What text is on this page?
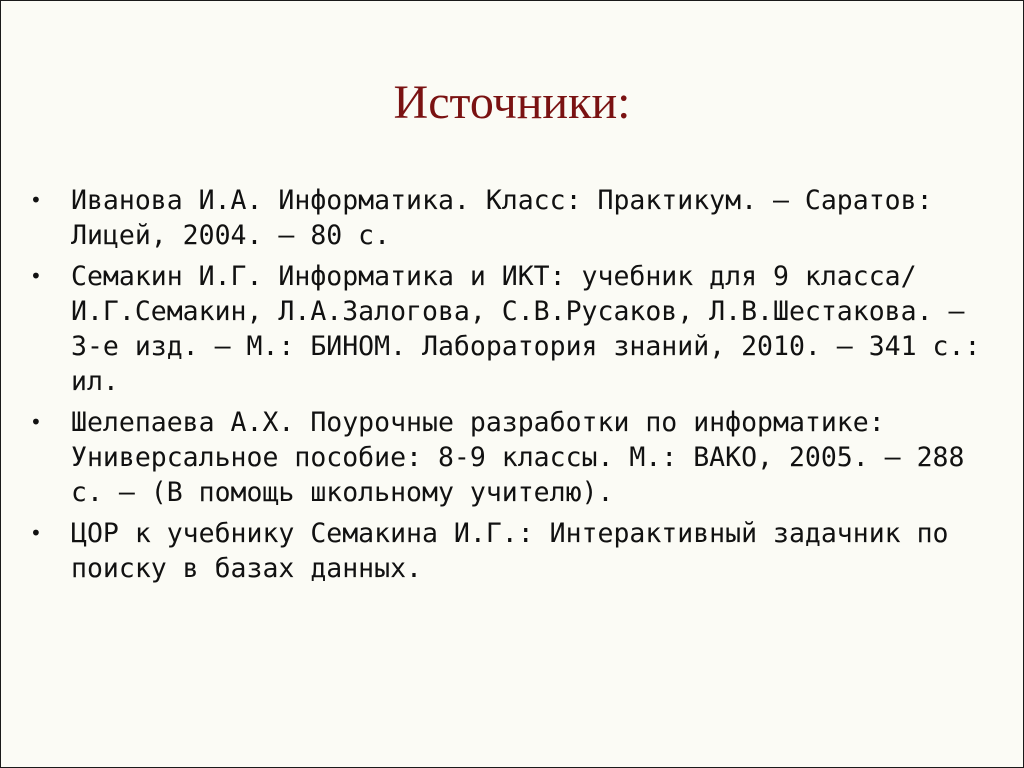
Источники:
• Иванова И.А. Информатика. Класс: Практикум. – Саратов: Лицей, 2004. – 80 с.
• Семакин И.Г. Информатика и ИКТ: учебник для 9 класса/ И.Г.Семакин, Л.А.Залогова, С.В.Русаков, Л.В.Шестакова. – 3-е изд. – М.: БИНОМ. Лаборатория знаний, 2010. – 341 с.: ил.
• Шелепаева А.Х. Поурочные разработки по информатике: Универсальное пособие: 8-9 классы. М.: ВАКО, 2005. – 288 с. – (В помощь школьному учителю).
• ЦОР к учебнику Семакина И.Г.: Интерактивный задачник по поиску в базах данных.
